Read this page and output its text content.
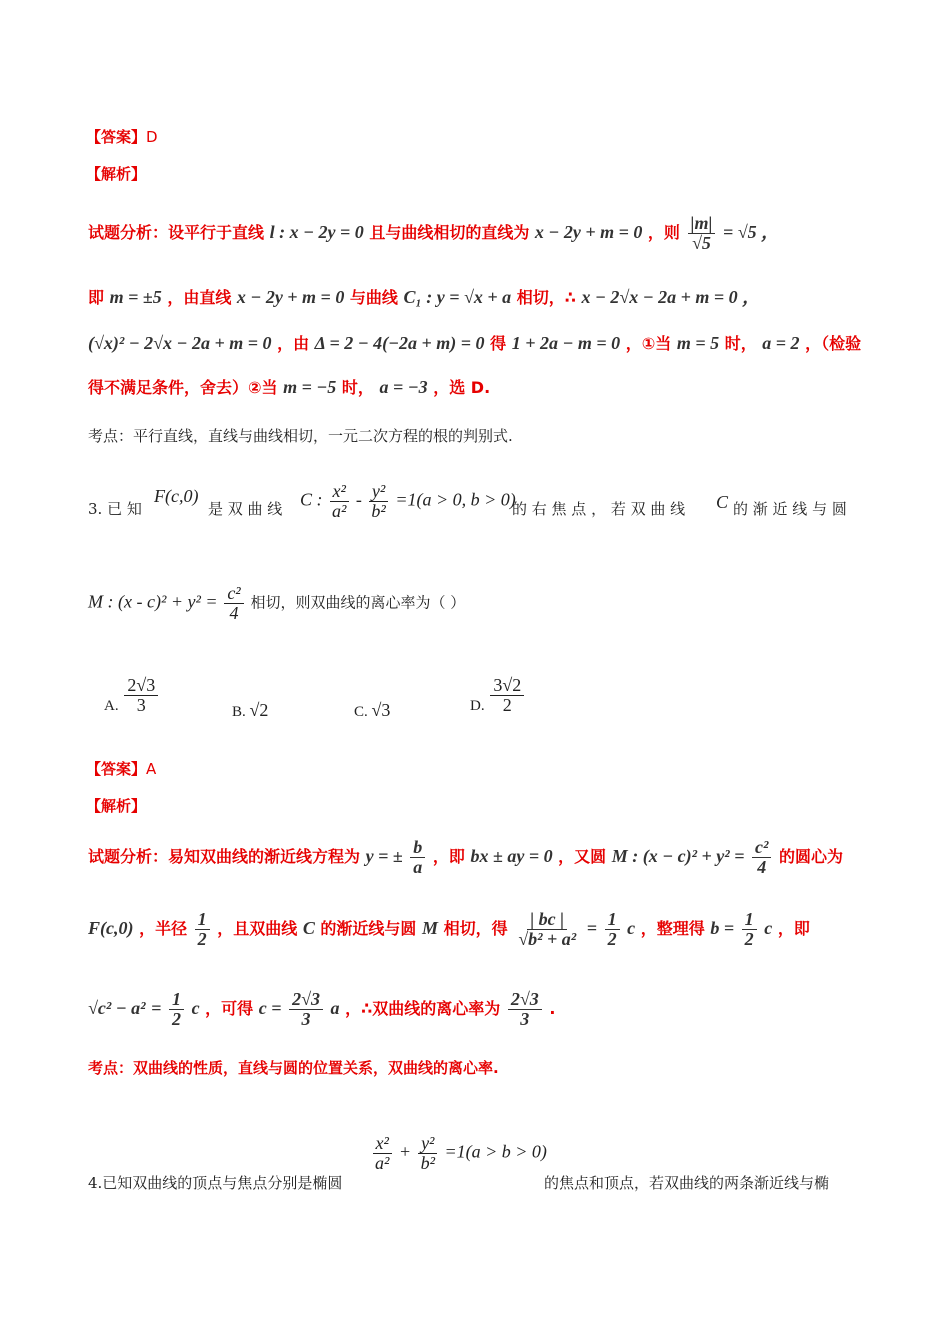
【答案】D
【解析】
试题分析：设平行于直线 l : x − 2y = 0 且与曲线相切的直线为 x − 2y + m = 0 ，则 $\frac{|m|}{√5} = √5$ ，
即 m = ±5 ，由直线 x − 2y + m = 0 与曲线 C₁ : y = √x + a 相切，∴ x − 2√x − 2a + m = 0 ，
(√x)² − 2√x − 2a + m = 0 ，由 Δ = 2 − 4(−2a + m) = 0 得 1 + 2a − m = 0 ，①当 m = 5 时， a = 2 ，（检验
得不满足条件，舍去）②当 m = −5 时， a = −3 ，选 D.
考点：平行直线，直线与曲线相切，一元二次方程的根的判别式.
3. 已 知
F(c,0)
是 双 曲 线 C : $\frac{\text{x²}}{\text{a²}} - \frac{\text{y²}}{\text{b²}} =1(a > 0$, b > 0)
的 右 焦 点 ， 若 双 曲 线 C 的 渐 近 线 与 圆
M : $(x - c)^2 + y^2 = \frac{\text{c²}}{4}$ 相切，则双曲线的离心率为（ ）
A. $\frac{2√3}{3}$	B. √2	C. √3	D. $\frac{3√2}{2}$
【答案】A
【解析】
试题分析：易知双曲线的渐近线方程为 y = ± $\frac{b}{a}$ ，即 bx ± ay = 0 ，又圆 M : $(x - c)^2 + y^2 = \frac{\text{c²}}{4}$ 的圆心为
F(c,0) ，半径 $\frac{1}{2}$ ，且双曲线 C 的渐近线与圆 M 相切，得 $\frac{| bc |}{\text{√b² + a²}} = \frac{1}{2}$ c ，整理得 $b = \frac{1}{2}$ c ，即
$√c^2 - a^2 = \frac{1}{2}$ c ，可得 $c = \frac{2√3}{3}$ a ，∴双曲线的离心率为 $\frac{2√3}{3}$ .
考点：双曲线的性质，直线与圆的位置关系，双曲线的离心率.
4.已知双曲线的顶点与焦点分别是椭圆
$\frac{\text{x²}}{\text{a²}} + \frac{\text{y²}}{\text{b²}} =1(a > b > 0)$
的焦点和顶点，若双曲线的两条渐近线与椭
